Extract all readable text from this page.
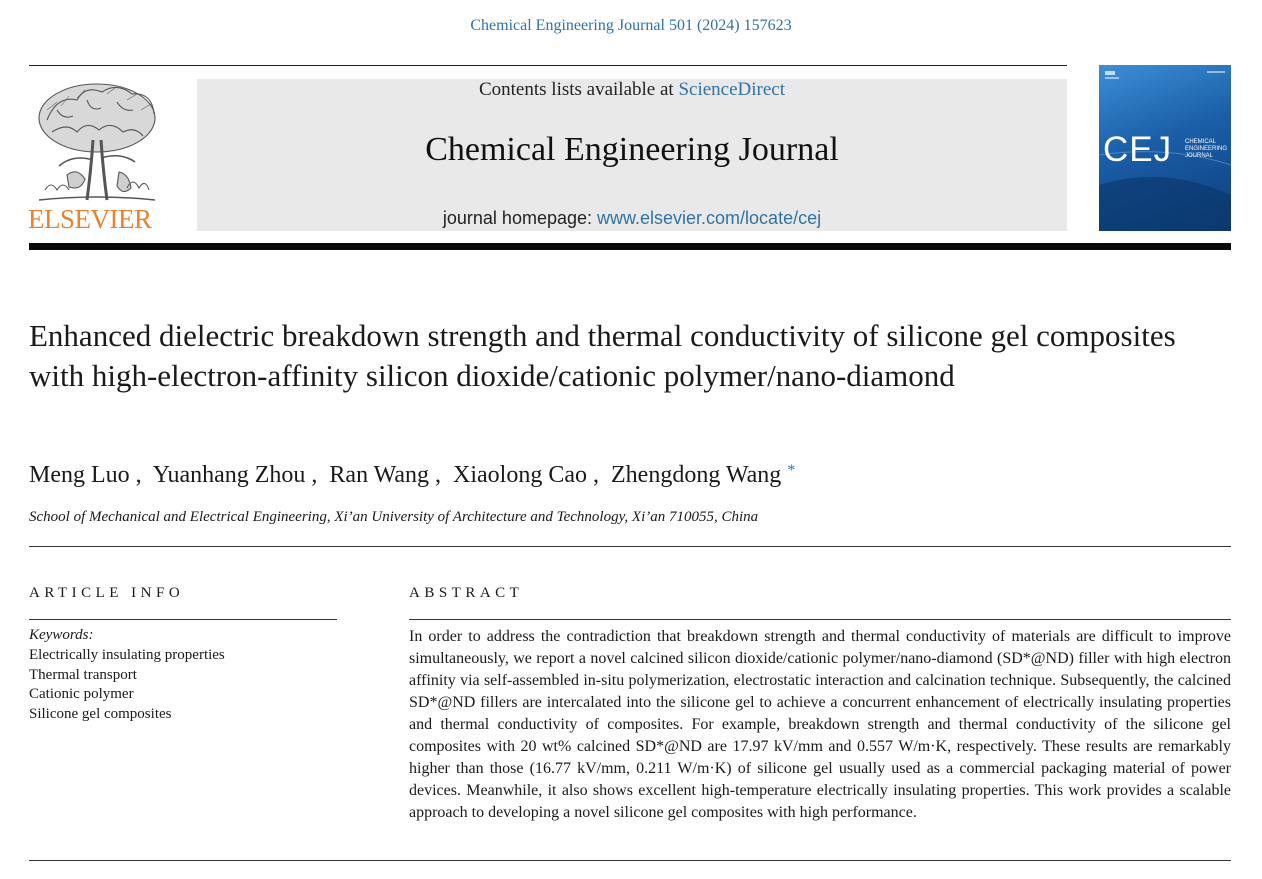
Chemical Engineering Journal 501 (2024) 157623
ELSEVIER
Contents lists available at ScienceDirect
Chemical Engineering Journal
journal homepage: www.elsevier.com/locate/cej
CEJ	CHEMICAL
ENGINEERING
JOURNAL
Enhanced dielectric breakdown strength and thermal conductivity of silicone gel composites with high-electron-affinity silicon dioxide/cationic polymer/nano-diamond
Meng Luo , Yuanhang Zhou , Ran Wang , Xiaolong Cao , Zhengdong Wang *
School of Mechanical and Electrical Engineering, Xi’an University of Architecture and Technology, Xi’an 710055, China
ARTICLE INFO	ABSTRACT
Keywords:
Electrically insulating properties
Thermal transport
Cationic polymer
Silicone gel composites

In order to address the contradiction that breakdown strength and thermal conductivity of materials are difficult to improve simultaneously, we report a novel calcined silicon dioxide/cationic polymer/nano-diamond (SD*@ND) filler with high electron affinity via self-assembled in-situ polymerization, electrostatic interaction and calcination technique. Subsequently, the calcined SD*@ND fillers are intercalated into the silicone gel to achieve a concurrent enhancement of electrically insulating properties and thermal conductivity of composites. For example, breakdown strength and thermal conductivity of the silicone gel composites with 20 wt% calcined SD*@ND are 17.97 kV/mm and 0.557 W/m·K, respectively. These results are remarkably higher than those (16.77 kV/mm, 0.211 W/m·K) of silicone gel usually used as a commercial packaging material of power devices. Meanwhile, it also shows excellent high-temperature electrically insulating properties. This work provides a scalable approach to developing a novel silicone gel composites with high performance.
